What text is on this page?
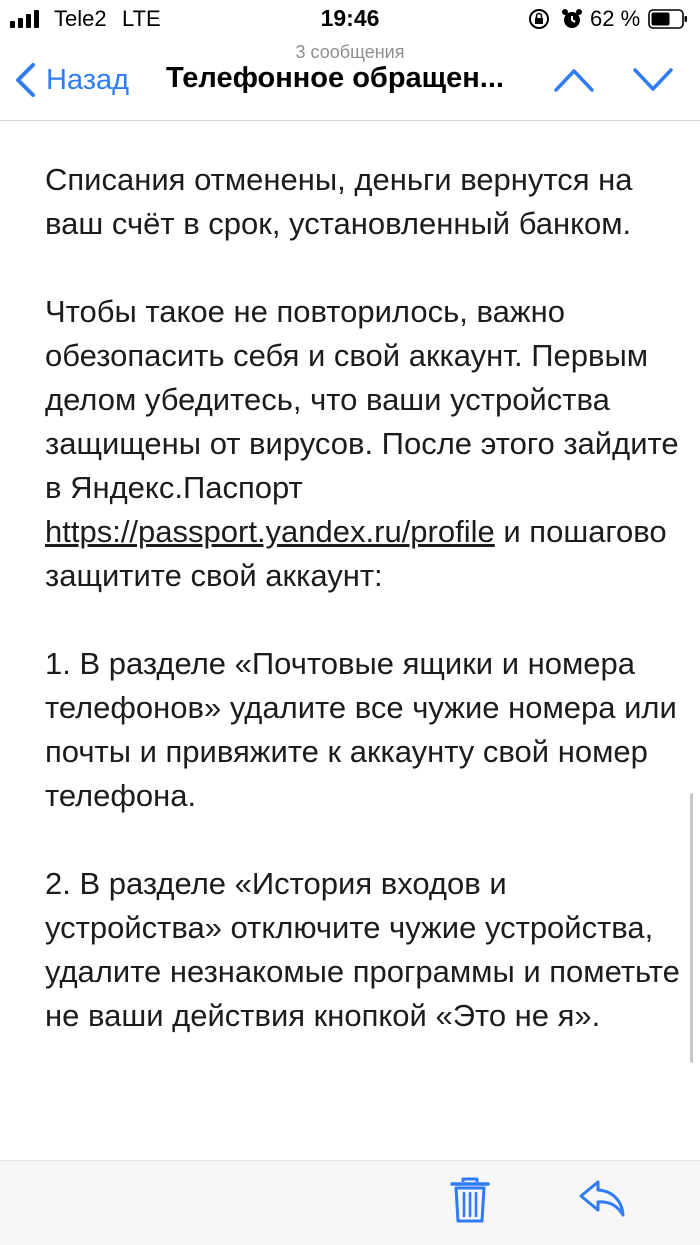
Tele2 LTE	19:46	62 %
3 сообщения
Назад Телефонное обращен...

Списания отменены, деньги вернутся на ваш счёт в срок, установленный банком.

Чтобы такое не повторилось, важно обезопасить себя и свой аккаунт. Первым делом убедитесь, что ваши устройства защищены от вирусов. После этого зайдите в Яндекс.Паспорт https://passport.yandex.ru/profile и пошагово защитите свой аккаунт:

1. В разделе «Почтовые ящики и номера телефонов» удалите все чужие номера или почты и привяжите к аккаунту свой номер телефона.

2. В разделе «История входов и устройства» отключите чужие устройства, удалите незнакомые программы и пометьте не ваши действия кнопкой «Это не я».
